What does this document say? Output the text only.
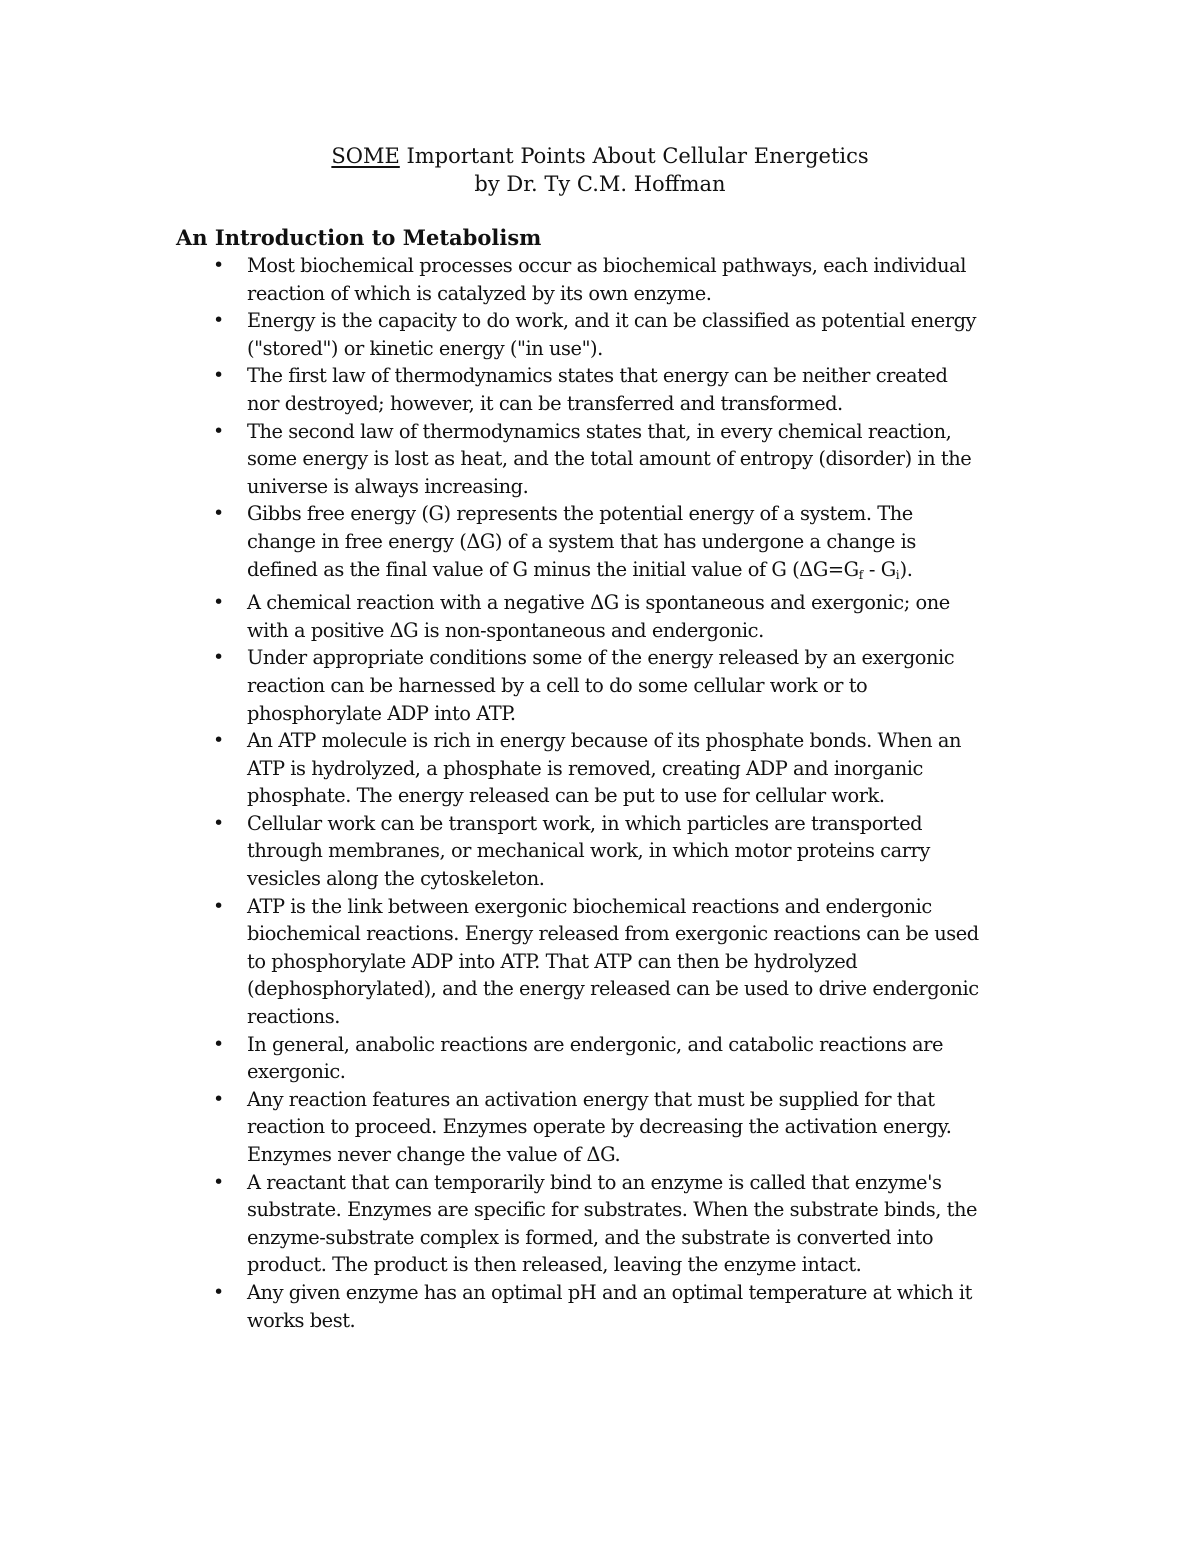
SOME Important Points About Cellular Energetics
by Dr. Ty C.M. Hoffman
An Introduction to Metabolism
• Most biochemical processes occur as biochemical pathways, each individual
reaction of which is catalyzed by its own enzyme.
• Energy is the capacity to do work, and it can be classified as potential energy
("stored") or kinetic energy ("in use").
• The first law of thermodynamics states that energy can be neither created
nor destroyed; however, it can be transferred and transformed.
• The second law of thermodynamics states that, in every chemical reaction,
some energy is lost as heat, and the total amount of entropy (disorder) in the
universe is always increasing.
• Gibbs free energy (G) represents the potential energy of a system. The
change in free energy (ΔG) of a system that has undergone a change is
defined as the final value of G minus the initial value of G $(\Delta G=G_f - G_i)$.
• A chemical reaction with a negative ΔG is spontaneous and exergonic; one
with a positive ΔG is non-spontaneous and endergonic.
• Under appropriate conditions some of the energy released by an exergonic
reaction can be harnessed by a cell to do some cellular work or to
phosphorylate ADP into ATP.
• An ATP molecule is rich in energy because of its phosphate bonds. When an
ATP is hydrolyzed, a phosphate is removed, creating ADP and inorganic
phosphate. The energy released can be put to use for cellular work.
• Cellular work can be transport work, in which particles are transported
through membranes, or mechanical work, in which motor proteins carry
vesicles along the cytoskeleton.
• ATP is the link between exergonic biochemical reactions and endergonic
biochemical reactions. Energy released from exergonic reactions can be used
to phosphorylate ADP into ATP. That ATP can then be hydrolyzed
(dephosphorylated), and the energy released can be used to drive endergonic
reactions.
• In general, anabolic reactions are endergonic, and catabolic reactions are
exergonic.
• Any reaction features an activation energy that must be supplied for that
reaction to proceed. Enzymes operate by decreasing the activation energy.
Enzymes never change the value of ΔG.
• A reactant that can temporarily bind to an enzyme is called that enzyme's
substrate. Enzymes are specific for substrates. When the substrate binds, the
enzyme-substrate complex is formed, and the substrate is converted into
product. The product is then released, leaving the enzyme intact.
• Any given enzyme has an optimal pH and an optimal temperature at which it
works best.
